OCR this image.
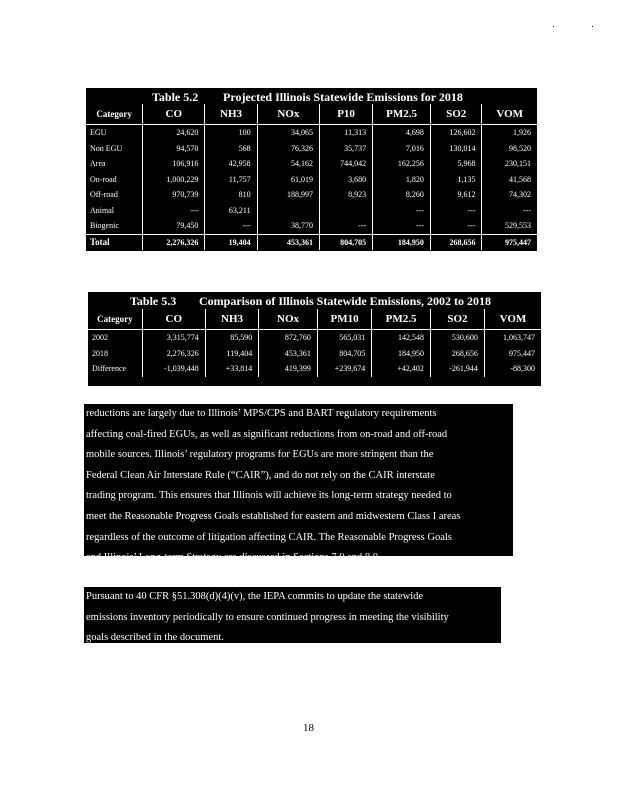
Table 5.2 Projected Illinois Statewide Emissions for 2018
Category	CO	NH3	NOx	P10	PM2.5	SO2	VOM
EGU	24,620	100	34,065	11,313	4,698	126,602	1,926
Non EGU	94,570	568	76,326	35,737	7,016	130,014	98,520
Area	106,916	42,958	54,162	744,042	162,256	5,968	230,151
On-road	1,000,229	11,757	61,019	3,680	1,820	1,135	41,568
Off-road	970,739	810	188,997	8,923	8,260	9,612	74,302
Animal	---	63,211			---	---	---
Biogenic	79,450	---	38,770	---	---	---	529,553
Total	2,276,326	19,404	453,361	804,705	184,950	268,656	975,447
Table 5.3 Comparison of Illinois Statewide Emissions, 2002 to 2018
Category	CO	NH3	NOx	PM10	PM2.5	SO2	VOM
2002	3,315,774	85,590	872,760	565,031	142,548	530,600	1,063,747
2018	2,276,326	119,404	453,361	804,705	184,950	268,656	975,447
Difference	-1,039,448	+33,814	419,399	+239,674	+42,402	-261,944	-88,300
reductions are largely due to Illinois’ MPS/CPS and BART regulatory requirements
affecting coal-fired EGUs, as well as significant reductions from on-road and off-road
mobile sources. Illinois’ regulatory programs for EGUs are more stringent than the
Federal Clean Air Interstate Rule (“CAIR”), and do not rely on the CAIR interstate
trading program. This ensures that Illinois will achieve its long-term strategy needed to
meet the Reasonable Progress Goals established for eastern and midwestern Class I areas
regardless of the outcome of litigation affecting CAIR. The Reasonable Progress Goals
and Illinois’ Long-term Strategy are discussed in Sections 7.0 and 8.0.
Pursuant to 40 CFR §51.308(d)(4)(v), the IEPA commits to update the statewide
emissions inventory periodically to ensure continued progress in meeting the visibility
goals described in the document.
18
